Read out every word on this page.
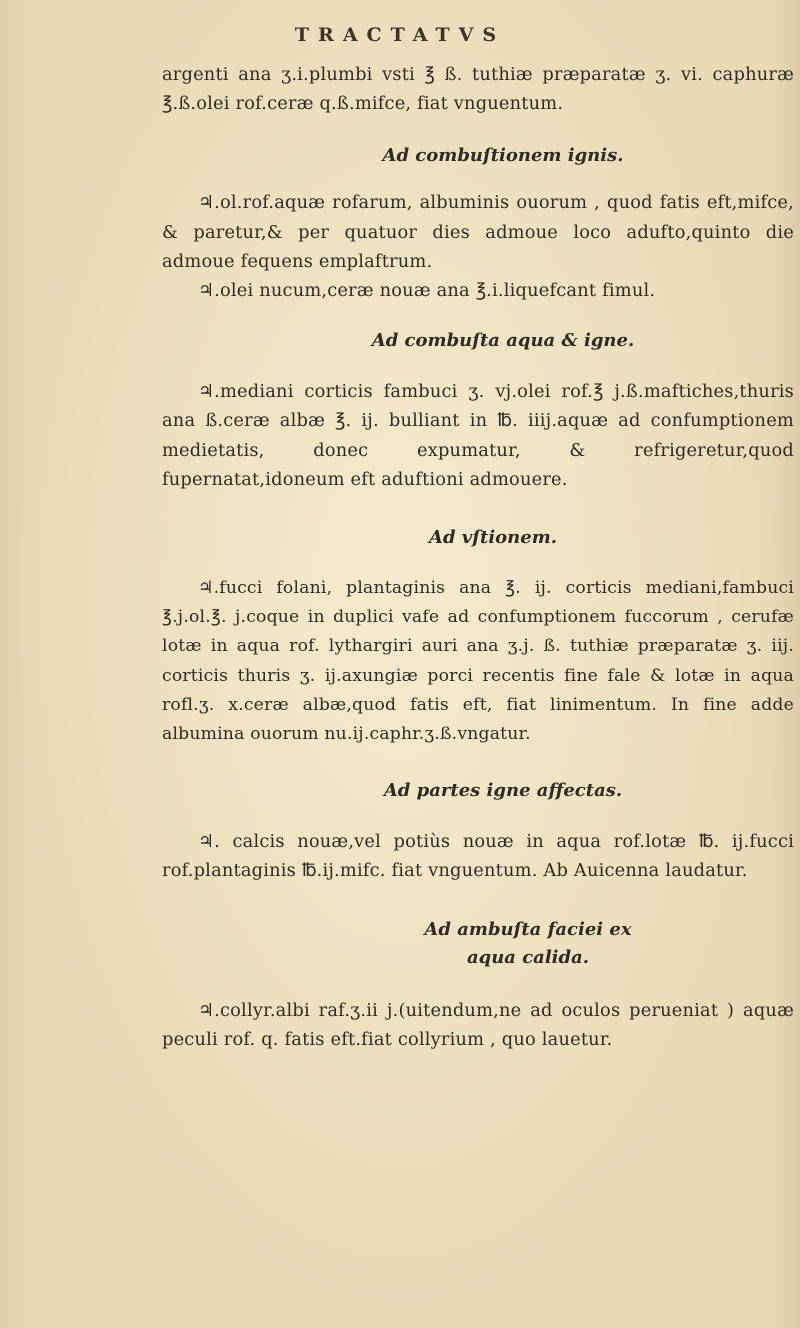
TRACTATVS

argenti ana ʒ.i.plumbi vsti ℥ ß. tuthiæ præparatæ ʒ. vi. caphuræ ℥.ß.olei rof.ceræ q.ß.mifce, fiat vnguentum.

Ad combuſtionem ignis.

♃.ol.rof.aquæ rofarum, albuminis ouorum , quod fatis eft,mifce, & paretur,& per quatuor dies admoue loco adufto,quinto die admoue fequens emplaftrum.

♃.olei nucum,ceræ nouæ ana ℥.i.liquefcant fimul.

Ad combuſta aqua & igne.

♃.mediani corticis fambuci ʒ. vj.olei rof.℥ j.ß.maftiches,thuris ana ß.ceræ albæ ℥. ij. bulliant in ℔. iiij.aquæ ad confumptionem medietatis, donec expumatur, & refrigeretur,quod fupernatat,idoneum eft aduftioni admouere.

Ad vſtionem.

♃.fucci folani, plantaginis ana ℥. ij. corticis mediani,fambuci ℥.j.ol.℥. j.coque in duplici vafe ad confumptionem fuccorum , cerufæ lotæ in aqua rof. lythargiri auri ana ʒ.j. ß. tuthiæ præparatæ ʒ. iij. corticis thuris ʒ. ij.axungiæ porci recentis fine fale & lotæ in aqua rofl.ʒ. x.ceræ albæ,quod fatis eft, fiat linimentum. In fine adde albumina ouorum nu.ij.caphr.ʒ.ß.vngatur.

Ad partes igne affectas.

♃. calcis nouæ,vel potiùs nouæ in aqua rof.lotæ ℔. ij.fucci rof.plantaginis ℔.ij.mifc. fiat vnguentum. Ab Auicenna laudatur.

Ad ambuſta faciei ex

aqua calida.

♃.collyr.albi raf.ʒ.ii j.(uitendum,ne ad oculos perueniat ) aquæ peculi rof. q. fatis eft.fiat collyrium , quo lauetur.
